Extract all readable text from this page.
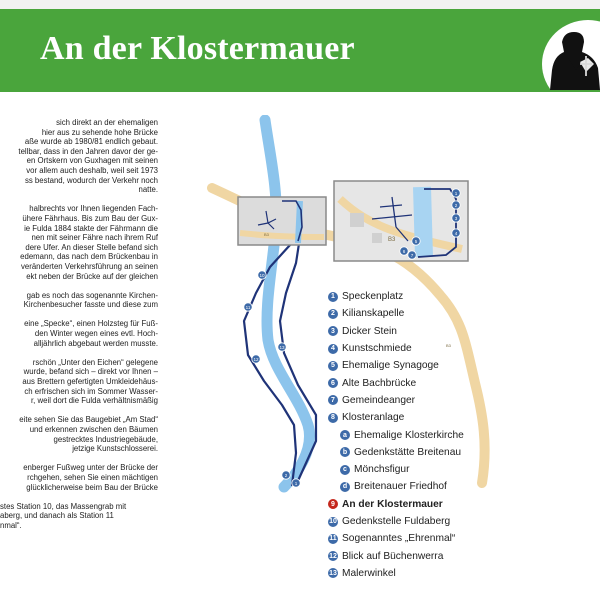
An der Klostermauer
sich direkt an der ehemaligen
hier aus zu sehende hohe Brücke
aße wurde ab 1980/81 endlich gebaut.
tellbar, dass in den Jahren davor der ge-
en Ortskern von Guxhagen mit seinen
vor allem auch deshalb, weil seit 1973
ss bestand, wodurch der Verkehr noch
natte.
halbrechts vor Ihnen liegenden Fach-
ühere Fährhaus. Bis zum Bau der Gux-
ie Fulda 1884 stakte der Fährmann die
nen mit seiner Fähre nach ihrem Ruf
dere Ufer. An dieser Stelle befand sich
edemann, das nach dem Brückenbau in
veränderten Verkehrsführung an seinen
ekt neben der Brücke auf der gleichen
gab es noch das sogenannte Kirchen-
Kirchenbesucher fasste und diese zum
eine „Specke“, einen Holzsteg für Fuß-
den Winter wegen eines evtl. Hoch-
alljährlich abgebaut werden musste.
rschön „Unter den Eichen“ gelegene
wurde, befand sich – direkt vor Ihnen –
aus Brettern gefertigten Umkleidehäus-
ch erfrischen sich im Sommer Wasser-
r, weil dort die Fulda verhältnismäßig
eite sehen Sie das Baugebiet „Am Stad“
und erkennen zwischen den Bäumen
gestrecktes Industriegebäude,
jetzige Kunstschlosserei.
enberger Fußweg unter der Brücke der
rchgehen, sehen Sie einen mächtigen
glücklicherweise beim Bau der Brücke
stes Station 10, das Massengrab mit
aberg, und danach als Station 11
nmal“.
B3
B3
B3
1
2
3
4
5
6
7
10
11
12
13
2
1
1 Speckenplatz
2 Kilianskapelle
3 Dicker Stein
4 Kunstschmiede
5 Ehemalige Synagoge
6 Alte Bachbrücke
7 Gemeindeanger
8 Klosteranlage
a Ehemalige Klosterkirche
b Gedenkstätte Breitenau
c Mönchsfigur
d Breitenauer Friedhof
9 An der Klostermauer
10 Gedenkstelle Fuldaberg
11 Sogenanntes „Ehrenmal“
12 Blick auf Büchenwerra
13 Malerwinkel
